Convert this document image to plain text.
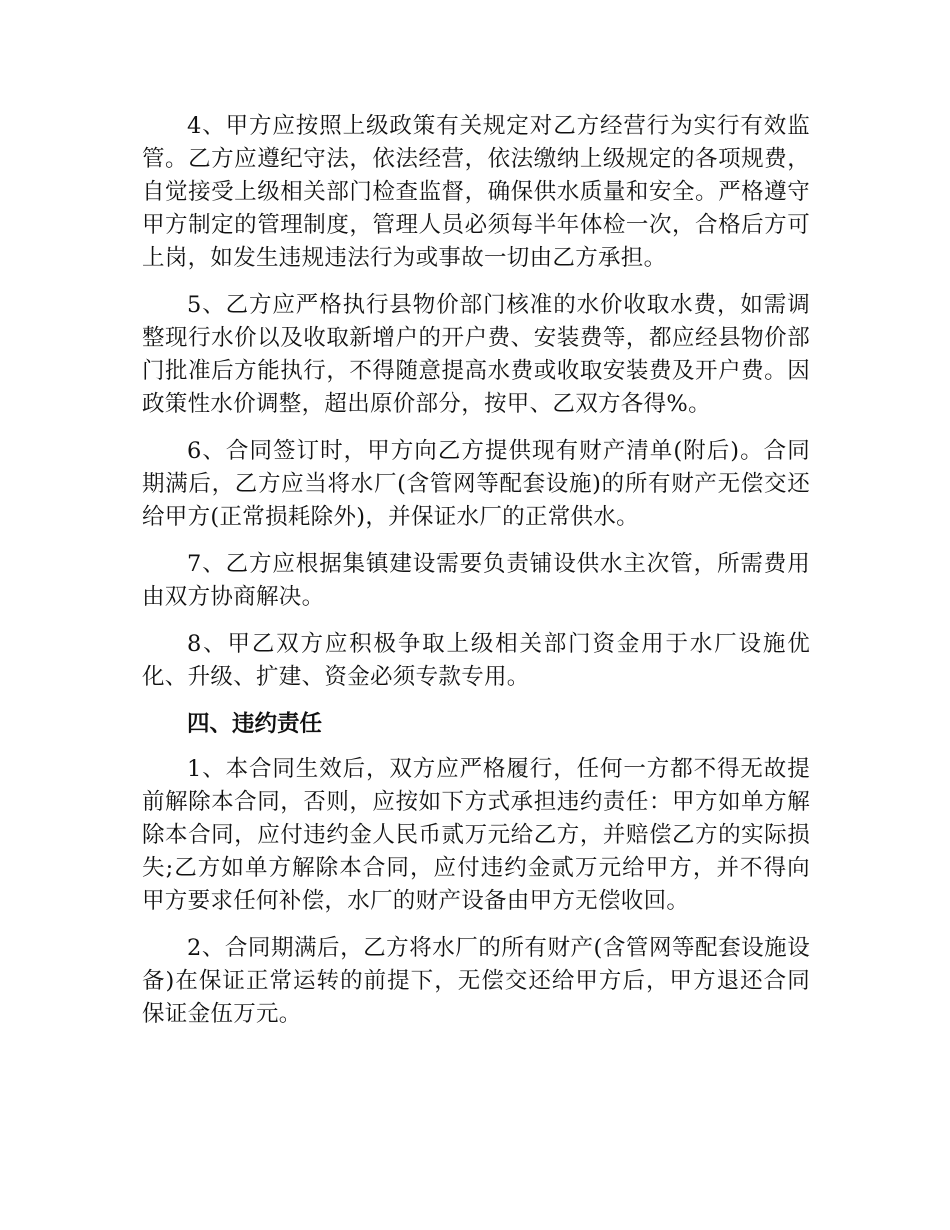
4、甲方应按照上级政策有关规定对乙方经营行为实行有效监管。乙方应遵纪守法，依法经营，依法缴纳上级规定的各项规费，自觉接受上级相关部门检查监督，确保供水质量和安全。严格遵守甲方制定的管理制度，管理人员必须每半年体检一次，合格后方可上岗，如发生违规违法行为或事故一切由乙方承担。

5、乙方应严格执行县物价部门核准的水价收取水费，如需调整现行水价以及收取新增户的开户费、安装费等，都应经县物价部门批准后方能执行，不得随意提高水费或收取安装费及开户费。因政策性水价调整，超出原价部分，按甲、乙双方各得%。

6、合同签订时，甲方向乙方提供现有财产清单(附后)。合同期满后，乙方应当将水厂(含管网等配套设施)的所有财产无偿交还给甲方(正常损耗除外)，并保证水厂的正常供水。

7、乙方应根据集镇建设需要负责铺设供水主次管，所需费用由双方协商解决。

8、甲乙双方应积极争取上级相关部门资金用于水厂设施优化、升级、扩建、资金必须专款专用。

四、违约责任

1、本合同生效后，双方应严格履行，任何一方都不得无故提前解除本合同，否则，应按如下方式承担违约责任：甲方如单方解除本合同，应付违约金人民币贰万元给乙方，并赔偿乙方的实际损失;乙方如单方解除本合同，应付违约金贰万元给甲方，并不得向甲方要求任何补偿，水厂的财产设备由甲方无偿收回。

2、合同期满后，乙方将水厂的所有财产(含管网等配套设施设备)在保证正常运转的前提下，无偿交还给甲方后，甲方退还合同保证金伍万元。
